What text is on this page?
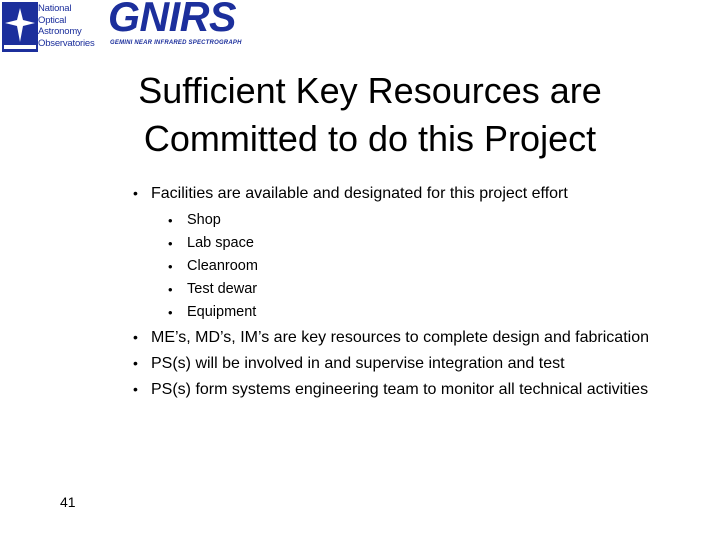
National
Optical
Astronomy
Observatories
GNIRS
GEMINI NEAR INFRARED SPECTROGRAPH
Sufficient Key Resources are
Committed to do this Project
• Facilities are available and designated for this project effort
• Shop
• Lab space
• Cleanroom
• Test dewar
• Equipment
• ME’s, MD’s, IM’s are key resources to complete design and fabrication
• PS(s) will be involved in and supervise integration and test
• PS(s) form systems engineering team to monitor all technical activities
41
